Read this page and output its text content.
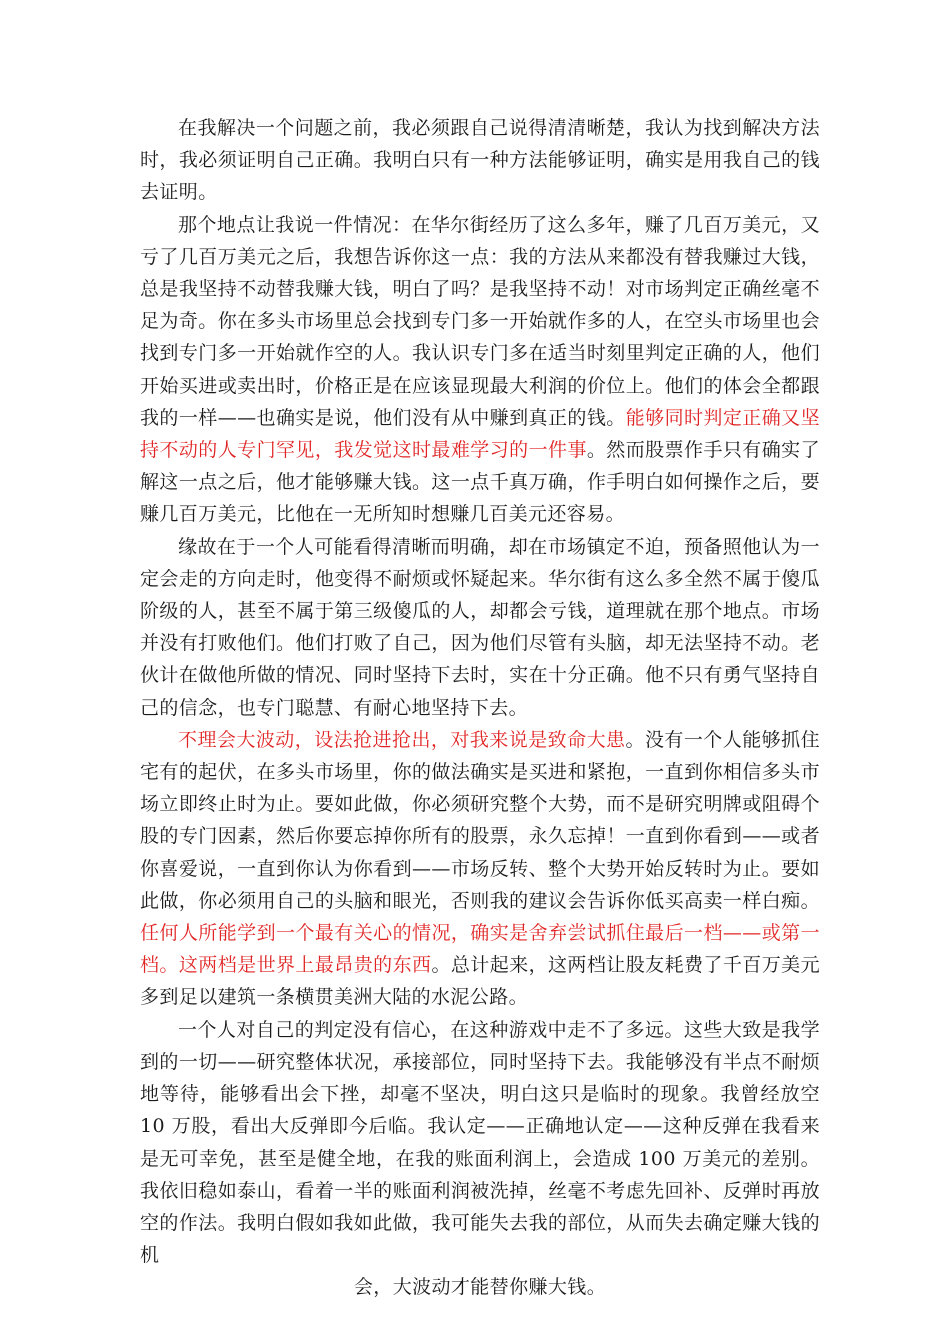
在我解决一个问题之前，我必须跟自己说得清清晰楚，我认为找到解决方法时，我必须证明自己正确。我明白只有一种方法能够证明，确实是用我自己的钱去证明。

那个地点让我说一件情况：在华尔街经历了这么多年，赚了几百万美元，又亏了几百万美元之后，我想告诉你这一点：我的方法从来都没有替我赚过大钱，总是我坚持不动替我赚大钱，明白了吗？是我坚持不动！对市场判定正确丝毫不足为奇。你在多头市场里总会找到专门多一开始就作多的人，在空头市场里也会找到专门多一开始就作空的人。我认识专门多在适当时刻里判定正确的人，他们开始买进或卖出时，价格正是在应该显现最大利润的价位上。他们的体会全都跟我的一样——也确实是说，他们没有从中赚到真正的钱。能够同时判定正确又坚持不动的人专门罕见，我发觉这时最难学习的一件事。然而股票作手只有确实了解这一点之后，他才能够赚大钱。这一点千真万确，作手明白如何操作之后，要赚几百万美元，比他在一无所知时想赚几百美元还容易。

缘故在于一个人可能看得清晰而明确，却在市场镇定不迫，预备照他认为一定会走的方向走时，他变得不耐烦或怀疑起来。华尔街有这么多全然不属于傻瓜阶级的人，甚至不属于第三级傻瓜的人，却都会亏钱，道理就在那个地点。市场并没有打败他们。他们打败了自己，因为他们尽管有头脑，却无法坚持不动。老伙计在做他所做的情况、同时坚持下去时，实在十分正确。他不只有勇气坚持自己的信念，也专门聪慧、有耐心地坚持下去。

不理会大波动，设法抢进抢出，对我来说是致命大患。没有一个人能够抓住宅有的起伏，在多头市场里，你的做法确实是买进和紧抱，一直到你相信多头市场立即终止时为止。要如此做，你必须研究整个大势，而不是研究明牌或阻碍个股的专门因素，然后你要忘掉你所有的股票，永久忘掉！一直到你看到——或者你喜爱说，一直到你认为你看到——市场反转、整个大势开始反转时为止。要如此做，你必须用自己的头脑和眼光，否则我的建议会告诉你低买高卖一样白痴。任何人所能学到一个最有关心的情况，确实是舍弃尝试抓住最后一档——或第一档。这两档是世界上最昂贵的东西。总计起来，这两档让股友耗费了千百万美元多到足以建筑一条横贯美洲大陆的水泥公路。

一个人对自己的判定没有信心，在这种游戏中走不了多远。这些大致是我学到的一切——研究整体状况，承接部位，同时坚持下去。我能够没有半点不耐烦地等待，能够看出会下挫，却毫不坚决，明白这只是临时的现象。我曾经放空 10 万股，看出大反弹即今后临。我认定——正确地认定——这种反弹在我看来是无可幸免，甚至是健全地，在我的账面利润上，会造成 100 万美元的差别。我依旧稳如泰山，看着一半的账面利润被洗掉，丝毫不考虑先回补、反弹时再放空的作法。我明白假如我如此做，我可能失去我的部位，从而失去确定赚大钱的机
会，大波动才能替你赚大钱。
